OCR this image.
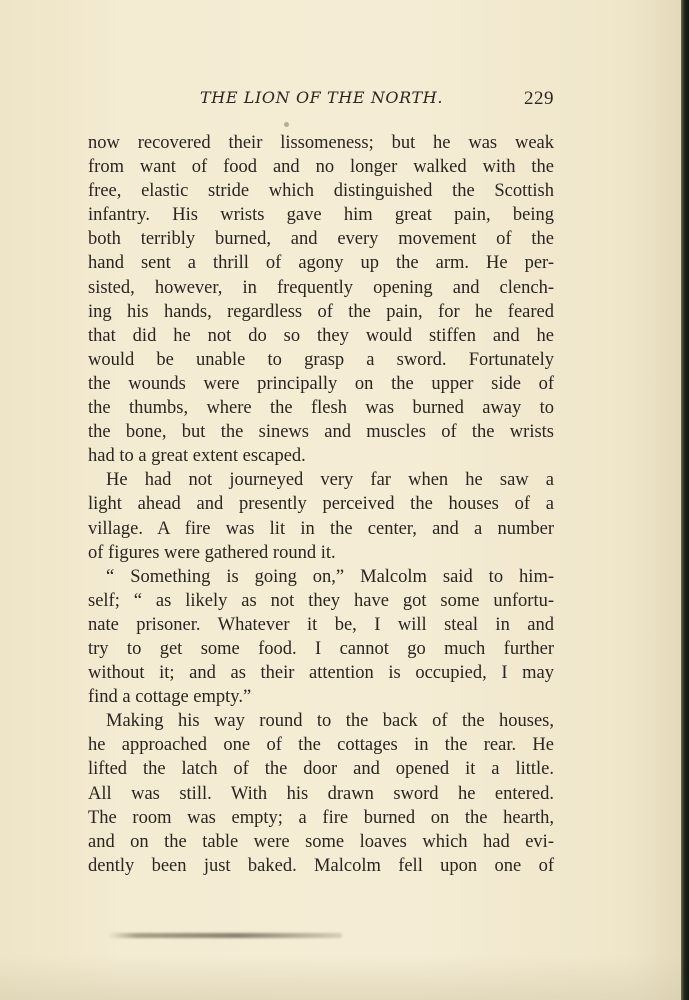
THE LION OF THE NORTH.	229
now recovered their lissomeness; but he was weak
from want of food and no longer walked with the
free, elastic stride which distinguished the Scottish
infantry. His wrists gave him great pain, being
both terribly burned, and every movement of the
hand sent a thrill of agony up the arm. He per-
sisted, however, in frequently opening and clench-
ing his hands, regardless of the pain, for he feared
that did he not do so they would stiffen and he
would be unable to grasp a sword. Fortunately
the wounds were principally on the upper side of
the thumbs, where the flesh was burned away to
the bone, but the sinews and muscles of the wrists
had to a great extent escaped.
He had not journeyed very far when he saw a
light ahead and presently perceived the houses of a
village. A fire was lit in the center, and a number
of figures were gathered round it.
“ Something is going on,” Malcolm said to him-
self; “ as likely as not they have got some unfortu-
nate prisoner. Whatever it be, I will steal in and
try to get some food. I cannot go much further
without it; and as their attention is occupied, I may
find a cottage empty.”
Making his way round to the back of the houses,
he approached one of the cottages in the rear. He
lifted the latch of the door and opened it a little.
All was still. With his drawn sword he entered.
The room was empty; a fire burned on the hearth,
and on the table were some loaves which had evi-
dently been just baked. Malcolm fell upon one of
